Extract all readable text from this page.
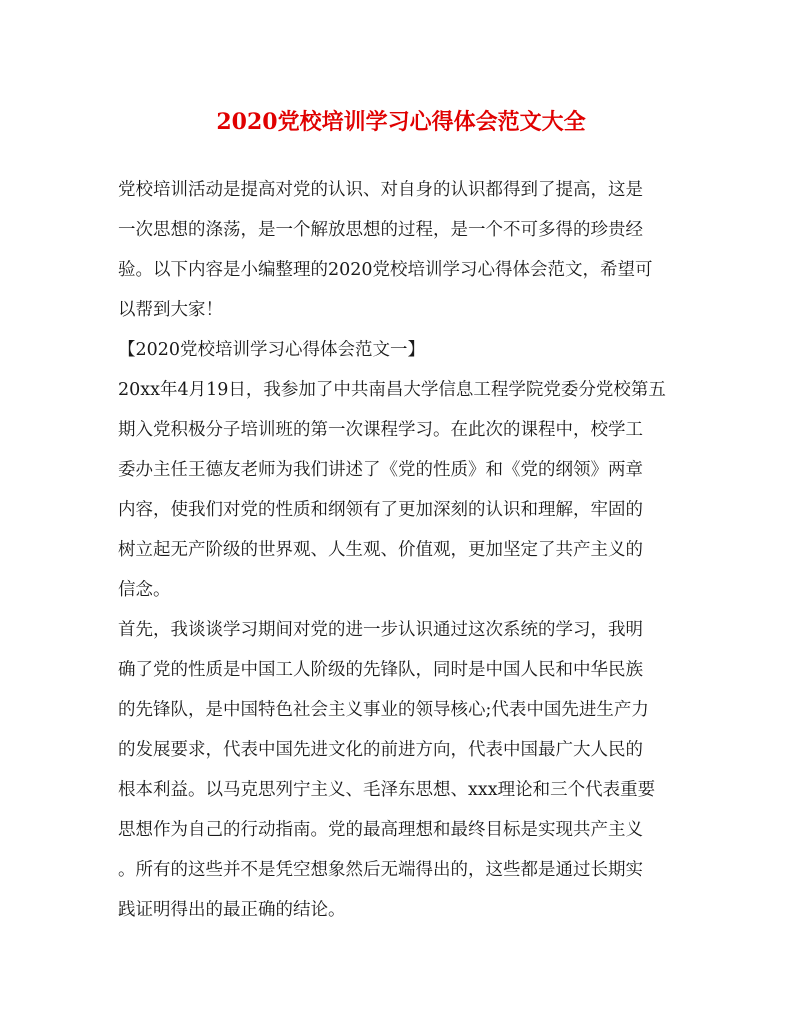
2020党校培训学习心得体会范文大全
党校培训活动是提高对党的认识、对自身的认识都得到了提高，这是
一次思想的涤荡，是一个解放思想的过程，是一个不可多得的珍贵经
验。以下内容是小编整理的2020党校培训学习心得体会范文，希望可
以帮到大家！
【2020党校培训学习心得体会范文一】
20xx年4月19日，我参加了中共南昌大学信息工程学院党委分党校第五
期入党积极分子培训班的第一次课程学习。在此次的课程中，校学工
委办主任王德友老师为我们讲述了《党的性质》和《党的纲领》两章
内容，使我们对党的性质和纲领有了更加深刻的认识和理解，牢固的
树立起无产阶级的世界观、人生观、价值观，更加坚定了共产主义的
信念。
首先，我谈谈学习期间对党的进一步认识通过这次系统的学习，我明
确了党的性质是中国工人阶级的先锋队，同时是中国人民和中华民族
的先锋队，是中国特色社会主义事业的领导核心;代表中国先进生产力
的发展要求，代表中国先进文化的前进方向，代表中国最广大人民的
根本利益。以马克思列宁主义、毛泽东思想、xxx理论和三个代表重要
思想作为自己的行动指南。党的最高理想和最终目标是实现共产主义
。所有的这些并不是凭空想象然后无端得出的，这些都是通过长期实
践证明得出的最正确的结论。
